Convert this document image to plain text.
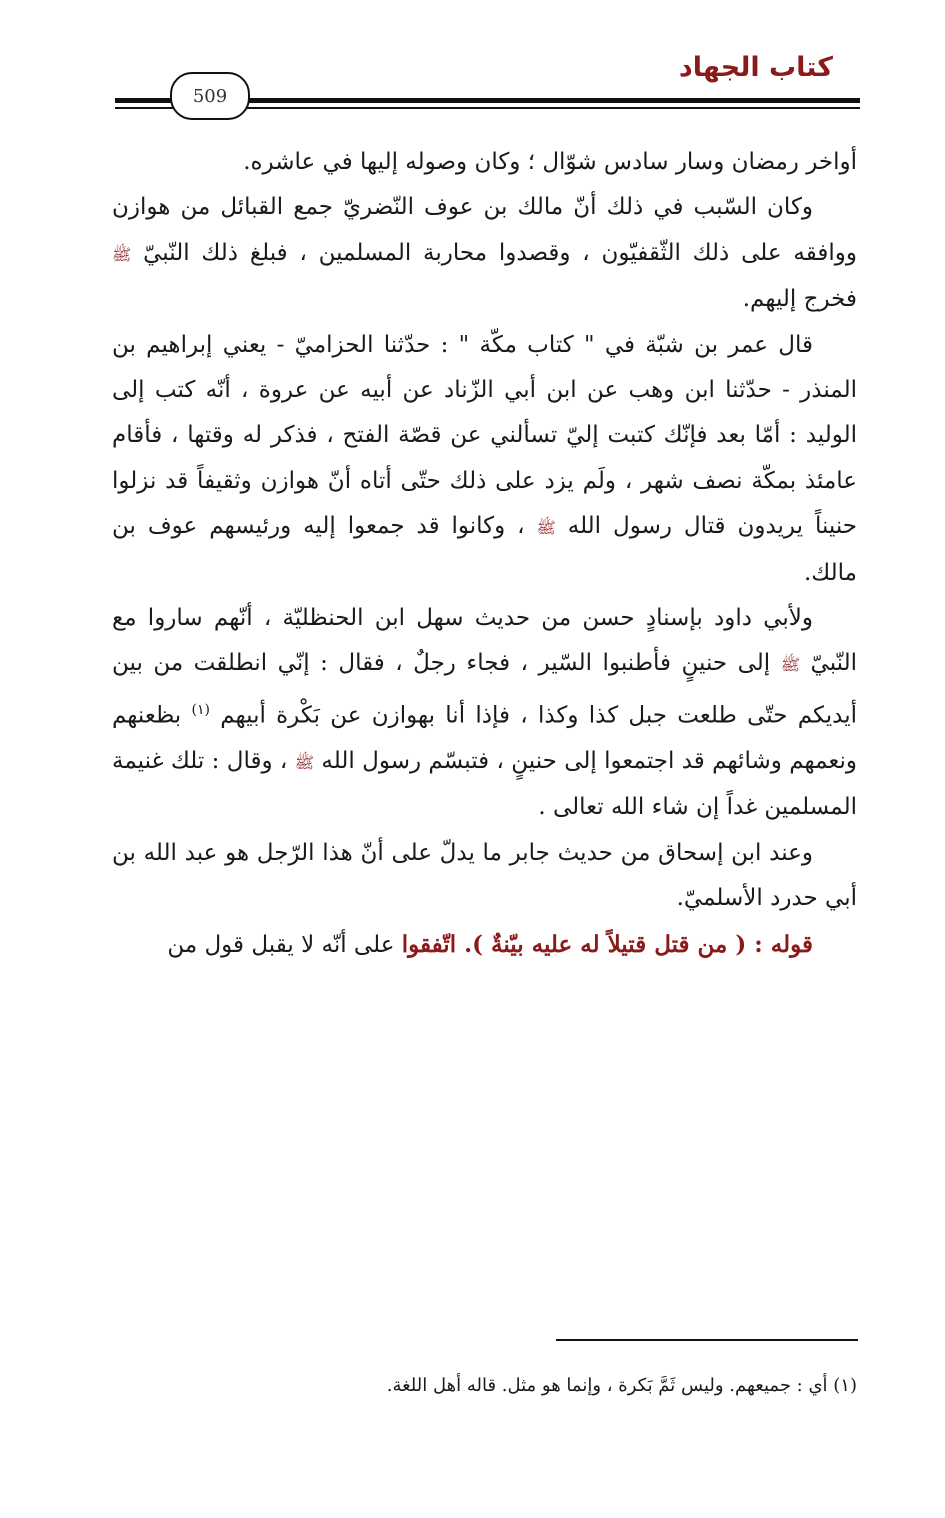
كتاب الجهاد
509

أواخر رمضان وسار سادس شوّال ؛ وكان وصوله إليها في عاشره.

وكان السّبب في ذلك أنّ مالك بن عوف النّضريّ جمع القبائل من هوازن ووافقه على ذلك الثّقفيّون ، وقصدوا محاربة المسلمين ، فبلغ ذلك النّبيّ ﷺ فخرج إليهم.

قال عمر بن شبّة في " كتاب مكّة " : حدّثنا الحزاميّ - يعني إبراهيم بن المنذر - حدّثنا ابن وهب عن ابن أبي الزّناد عن أبيه عن عروة ، أنّه كتب إلى الوليد : أمّا بعد فإنّك كتبت إليّ تسألني عن قصّة الفتح ، فذكر له وقتها ، فأقام عامئذ بمكّة نصف شهر ، ولَم يزد على ذلك حتّى أتاه أنّ هوازن وثقيفاً قد نزلوا حنيناً يريدون قتال رسول الله ﷺ ، وكانوا قد جمعوا إليه ورئيسهم عوف بن مالك.

ولأبي داود بإسنادٍ حسن من حديث سهل ابن الحنظليّة ، أنّهم ساروا مع النّبيّ ﷺ إلى حنينٍ فأطنبوا السّير ، فجاء رجلٌ ، فقال : إنّي انطلقت من بين أيديكم حتّى طلعت جبل كذا وكذا ، فإذا أنا بهوازن عن بَكْرة أبيهم $^{(١)}$ بظعنهم ونعمهم وشائهم قد اجتمعوا إلى حنينٍ ، فتبسّم رسول الله ﷺ ، وقال : تلك غنيمة المسلمين غداً إن شاء الله تعالى .

وعند ابن إسحاق من حديث جابر ما يدلّ على أنّ هذا الرّجل هو عبد الله بن أبي حدرد الأسلميّ.

قوله : ( من قتل قتيلاً له عليه بيّنةٌ ). اتّفقوا على أنّه لا يقبل قول من

(١) أي : جميعهم. وليس ثَمَّ بَكرة ، وإنما هو مثل. قاله أهل اللغة.
